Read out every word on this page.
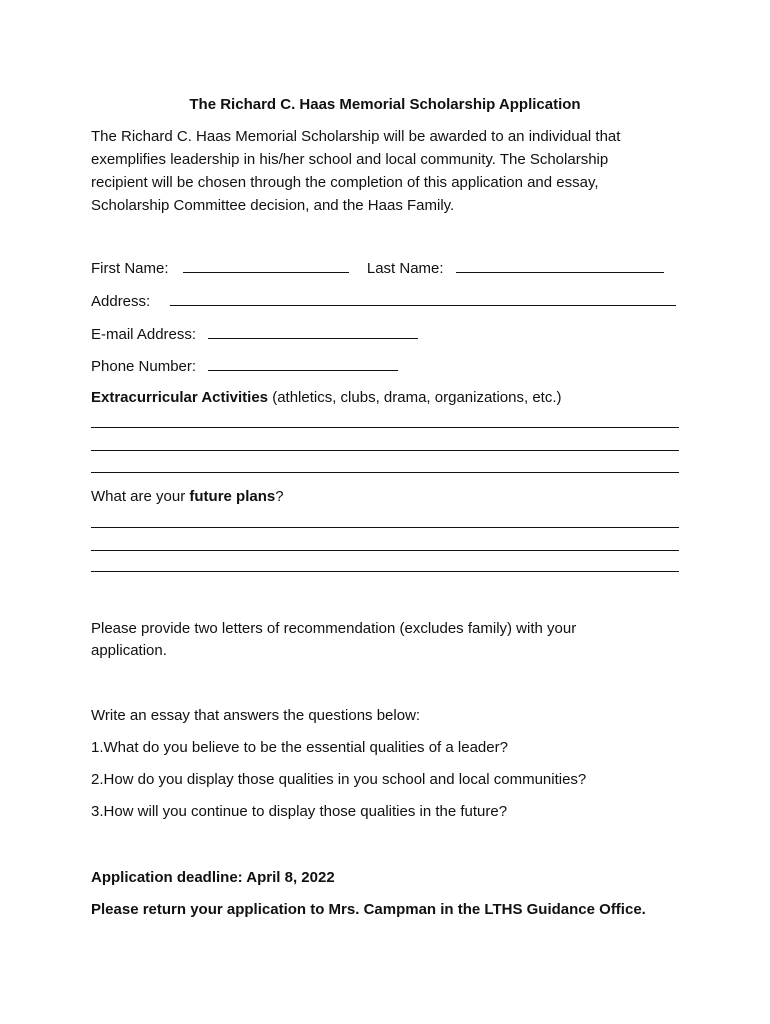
The Richard C. Haas Memorial Scholarship Application
The Richard C. Haas Memorial Scholarship will be awarded to an individual that
exemplifies leadership in his/her school and local community. The Scholarship
recipient will be chosen through the completion of this application and essay,
Scholarship Committee decision, and the Haas Family.
First Name:	Last Name:
Address:
E-mail Address:
Phone Number:
Extracurricular Activities (athletics, clubs, drama, organizations, etc.)
What are your future plans?
Please provide two letters of recommendation (excludes family) with your
application.
Write an essay that answers the questions below:
1.What do you believe to be the essential qualities of a leader?
2.How do you display those qualities in you school and local communities?
3.How will you continue to display those qualities in the future?
Application deadline: April 8, 2022
Please return your application to Mrs. Campman in the LTHS Guidance Office.
